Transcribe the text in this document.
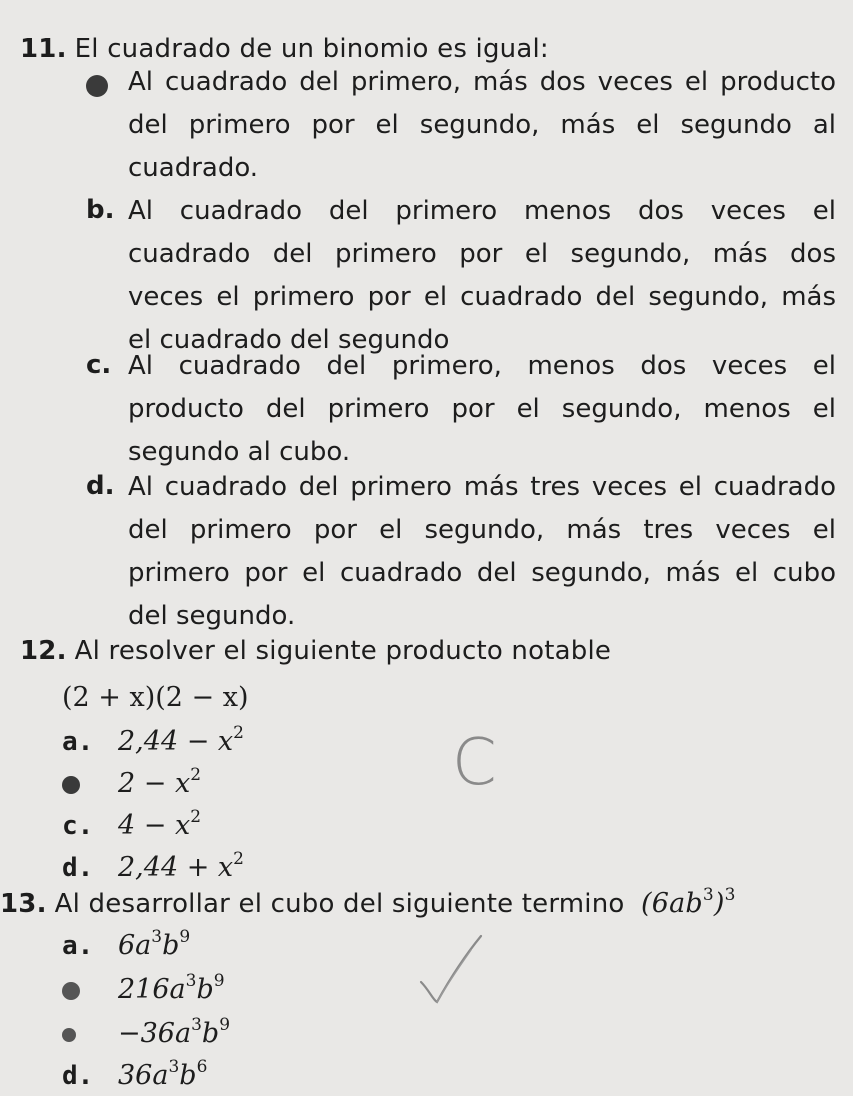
11. El cuadrado de un binomio es igual:
Al cuadrado del primero, más dos veces el producto
del primero por el segundo, más el segundo al
cuadrado.
b. Al cuadrado del primero menos dos veces el
cuadrado del primero por el segundo, más dos
veces el primero por el cuadrado del segundo, más
el cuadrado del segundo
c. Al cuadrado del primero, menos dos veces el
producto del primero por el segundo, menos el
segundo al cubo.
d. Al cuadrado del primero más tres veces el cuadrado
del primero por el segundo, más tres veces el
primero por el cuadrado del segundo, más el cubo
del segundo.
12. Al resolver el siguiente producto notable
(2 + x)(2 − x)
a. $2,44 - x^2$
$2 - x^2$
c. $4 - x^2$
d. $2,44 + x^2$
C
13. Al desarrollar el cubo del siguiente termino $(6ab^3)^3$
a. $6a^3b^9$
$216a^3b^9$
$-36a^3b^9$
d. $36a^3b^6$
